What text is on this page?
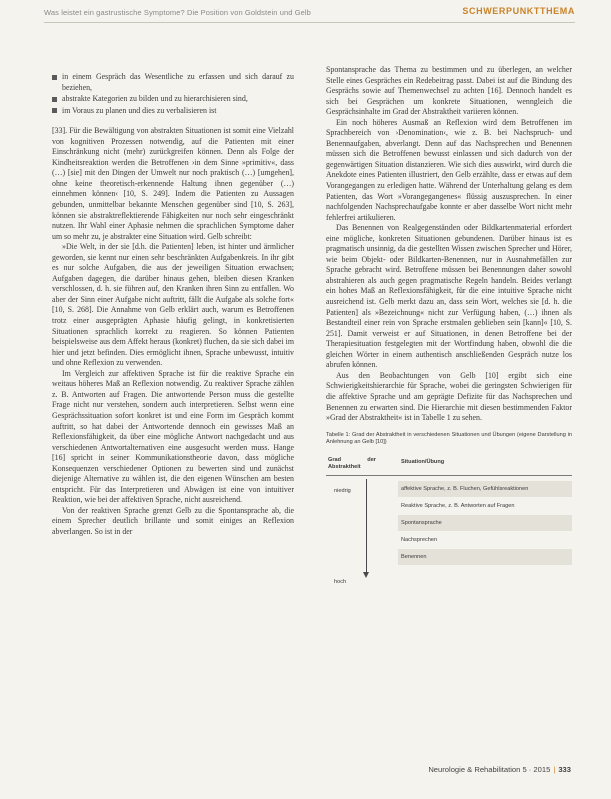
Was leistet ein gastrustische Symptome? Die Position von Goldstein und Gelb	SCHWERPUNKTTHEMA
in einem Gespräch das Wesentliche zu erfassen und sich darauf zu beziehen,
abstrakte Kategorien zu bilden und zu hierarchisieren sind,
im Voraus zu planen und dies zu verbalisieren ist

[33]. Für die Bewältigung von abstrakten Situationen ist somit eine Vielzahl von kognitiven Prozessen notwendig, auf die Patienten mit einer Einschränkung nicht (mehr) zurückgreifen können. Denn als Folge der Kindheitsreaktion werden die Betroffenen ›in dem Sinne »primitiv«, dass (…) [sie] mit den Dingen der Umwelt nur noch praktisch (…) [umgehen], ohne keine theoretisch-erkennende Haltung ihnen gegenüber (…) einnehmen können‹ [10, S. 249]. Indem die Patienten zu Aussagen gebunden, unmittelbar bekannte Menschen gegenüber sind [10, S. 263], können sie abstraktreflektierende Fähigkeiten nur noch sehr eingeschränkt nutzen. Ihr Wahl einer Aphasie nehmen die sprachlichen Symptome daher um so mehr zu, je abstrakter eine Situation wird. Gelb schreibt:

»Die Welt, in der sie [d.h. die Patienten] leben, ist hinter und ärmlicher geworden, sie kennt nur einen sehr beschränkten Aufgabenkreis. In ihr gibt es nur solche Aufgaben, die aus der jeweiligen Situation erwachsen; Aufgaben dagegen, die darüber hinaus gehen, bleiben diesen Kranken verschlossen, d. h. sie führen auf, den Kranken ihren Sinn zu entfallen. Wo aber der Sinn einer Aufgabe nicht auftritt, fällt die Aufgabe als solche fort« [10, S. 268]. Die Annahme von Gelb erklärt auch, warum es Betroffenen trotz einer ausgeprägten Aphasie häufig gelingt, in konkretisierten Situationen sprachlich korrekt zu reagieren. So können Patienten beispielsweise aus dem Affekt heraus (konkret) fluchen, da sie sich dabei im hier und jetzt befinden. Dies ermöglicht ihnen, Sprache unbewusst, intuitiv und ohne Reflexion zu verwenden.

Im Vergleich zur affektiven Sprache ist für die reaktive Sprache ein weitaus höheres Maß an Reflexion notwendig. Zu reaktiver Sprache zählen z. B. Antworten auf Fragen. Die antwortende Person muss die gestellte Frage nicht nur verstehen, sondern auch interpretieren. Selbst wenn eine Gesprächssituation sofort konkret ist und eine Form im Gespräch kommt auftritt, so hat dabei der Antwortende dennoch ein gewisses Maß an Reflexionsfähigkeit, da über eine mögliche Antwort nachgedacht und aus verschiedenen Antwortalternativen eine ausgesucht werden muss. Hange [16] spricht in seiner Kommunikationstheorie davon, dass mögliche Konsequenzen verschiedener Optionen zu bewerten sind und zunächst diejenige Alternative zu wählen ist, die den eigenen Wünschen am besten entspricht. Für das Interpretieren und Abwägen ist eine von intuitiver Reaktion, wie bei der affektiven Sprache, nicht ausreichend.

Von der reaktiven Sprache grenzt Gelb zu die Spontansprache ab, die einem Sprecher deutlich brillante und somit einiges an Reflexion abverlangen. So ist in der

Spontansprache das Thema zu bestimmen und zu überlegen, an welcher Stelle eines Gespräches ein Redebeitrag passt. Dabei ist auf die Bindung des Gesprächs sowie auf Themenwechsel zu achten [16]. Dennoch handelt es sich bei Gesprächen um konkrete Situationen, wenngleich die Gesprächsinhalte im Grad der Abstraktheit variieren können.

Ein noch höheres Ausmaß an Reflexion wird dem Betroffenen im Sprachbereich von ›Denomination‹, wie z. B. bei Nachspruch- und Benennaufgaben, abverlangt. Denn auf das Nachsprechen und Benennen müssen sich die Betroffenen bewusst einlassen und sich dadurch von der gegenwärtigen Situation distanzieren. Wie sich dies auswirkt, wird durch die Anekdote eines Patienten illustriert, den Gelb erzählte, dass er etwas auf dem Vorangegangen zu erledigen hatte. Während der Unterhaltung gelang es dem Patienten, das Wort »Vorangegangenes« flüssig auszusprechen. In einer nachfolgenden Nachsprechaufgabe konnte er aber dasselbe Wort nicht mehr fehlerfrei artikulieren.

Das Benennen von Realgegenständen oder Bildkartenmaterial erfordert eine mögliche, konkreten Situationen gebundenen. Darüber hinaus ist es pragmatisch unsinnig, da die gestellten Wissen zwischen Sprecher und Hörer, wie beim Objekt- oder Bildkarten-Benennen, nur in Ausnahmefällen zur Sprache gebracht wird. Betroffene müssen bei Benennungen daher sowohl abstrahieren als auch gegen pragmatische Regeln handeln. Beides verlangt ein hohes Maß an Reflexionsfähigkeit, für die eine intuitive Sprache nicht ausreichend ist. Gelb merkt dazu an, dass sein Wort, welches sie [d. h. die Patienten] als »Bezeichnung« nicht zur Verfügung haben, (…) ihnen als Bestandteil einer rein von Sprache erstmalen geblieben sein [kann]« [10, S. 251]. Damit verweist er auf Situationen, in denen Betroffene bei der Therapiesituation festgelegten mit der Wortfindung haben, obwohl die die gleichen Wörter in einem authentisch anschließenden Gespräch nutze los abrufen können.

Aus den Beobachtungen von Gelb [10] ergibt sich eine Schwierigkeitshierarchie für Sprache, wobei die geringsten Schwierigen für die affektive Sprache und am geprägte Defizite für das Nachsprechen und Benennen zu erwarten sind. Die Hierarchie mit diesen bestimmenden Faktor »Grad der Abstraktheit« ist in Tabelle 1 zu sehen.

Tabelle 1: Grad der Abstraktheit in verschiedenen Situationen und Übungen (eigene Darstellung in Anlehnung an Gelb [10])
Grad der Abstraktheit
Situation/Übung
niedrig
hoch
affektive Sprache, z. B. Fluchen, Gefühlsreaktionen
Reaktive Sprache, z. B. Antworten auf Fragen
Spontansprache
Nachsprechen
Benennen
Neurologie & Rehabilitation 5 · 2015 | 333
